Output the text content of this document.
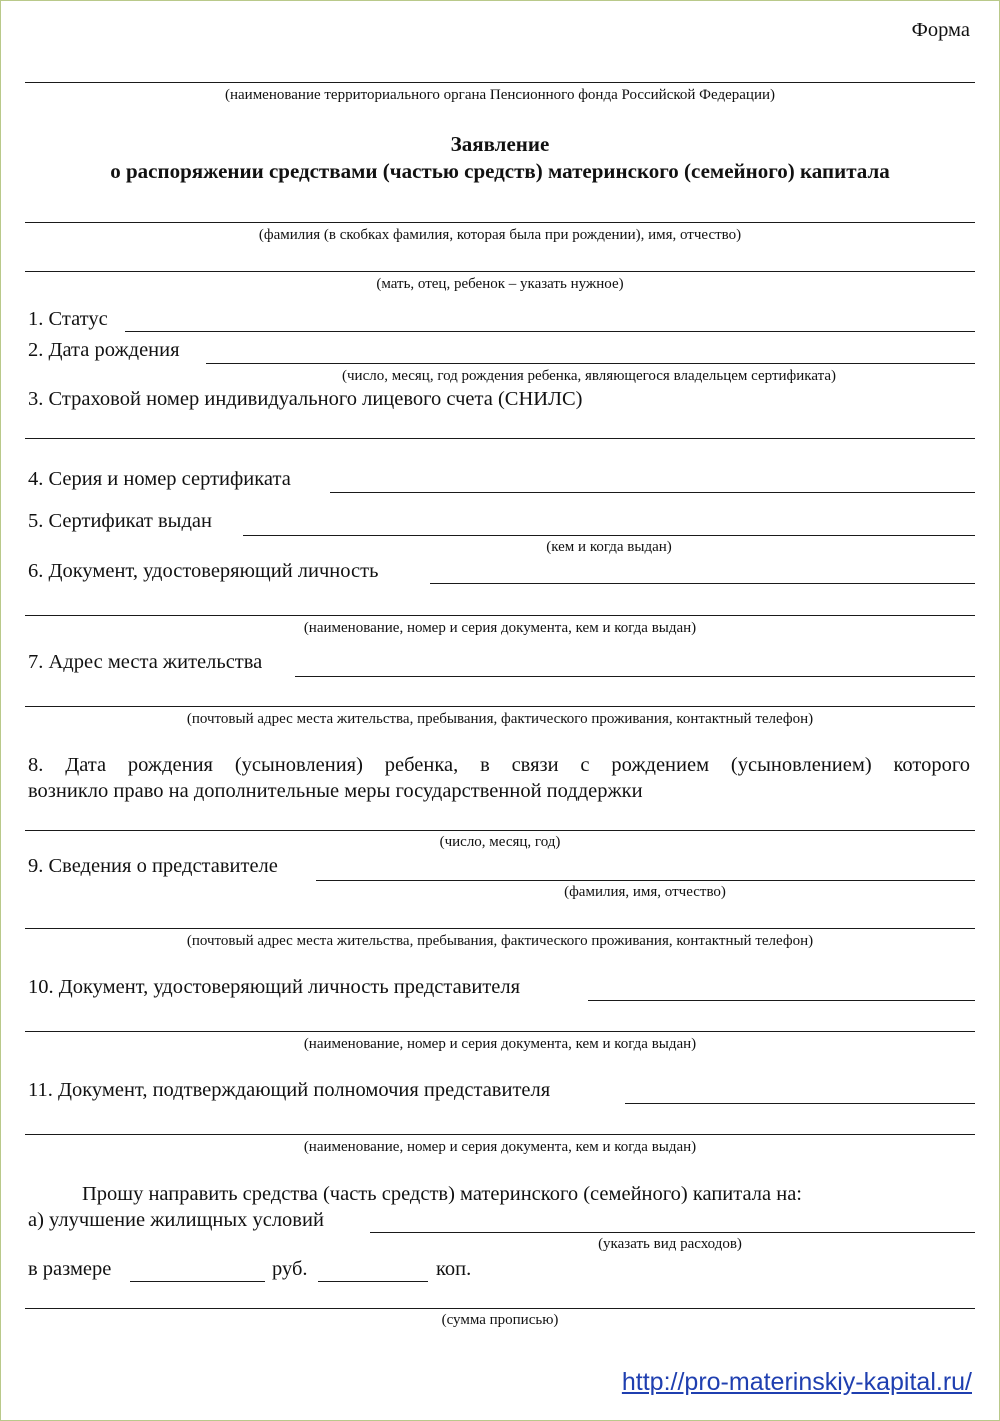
Форма
(наименование территориального органа Пенсионного фонда Российской Федерации)
Заявление
о распоряжении средствами (частью средств) материнского (семейного) капитала
(фамилия (в скобках фамилия, которая была при рождении), имя, отчество)
(мать, отец, ребенок – указать нужное)
1. Статус
2. Дата рождения
(число, месяц, год рождения ребенка, являющегося владельцем сертификата)
3. Страховой номер индивидуального лицевого счета (СНИЛС)
4. Серия и номер сертификата
5. Сертификат выдан
(кем и когда выдан)
6. Документ, удостоверяющий личность
(наименование, номер и серия документа, кем и когда выдан)
7. Адрес места жительства
(почтовый адрес места жительства, пребывания, фактического проживания, контактный телефон)
8. Дата рождения (усыновления) ребенка, в связи с рождением (усыновлением) которого
возникло право на дополнительные меры государственной поддержки
(число, месяц, год)
9. Сведения о представителе
(фамилия, имя, отчество)
(почтовый адрес места жительства, пребывания, фактического проживания, контактный телефон)
10. Документ, удостоверяющий личность представителя
(наименование, номер и серия документа, кем и когда выдан)
11. Документ, подтверждающий полномочия представителя
(наименование, номер и серия документа, кем и когда выдан)
Прошу направить средства (часть средств) материнского (семейного) капитала на:
а) улучшение жилищных условий
(указать вид расходов)
в размере	руб.	коп.
(сумма прописью)
http://pro-materinskiy-kapital.ru/
